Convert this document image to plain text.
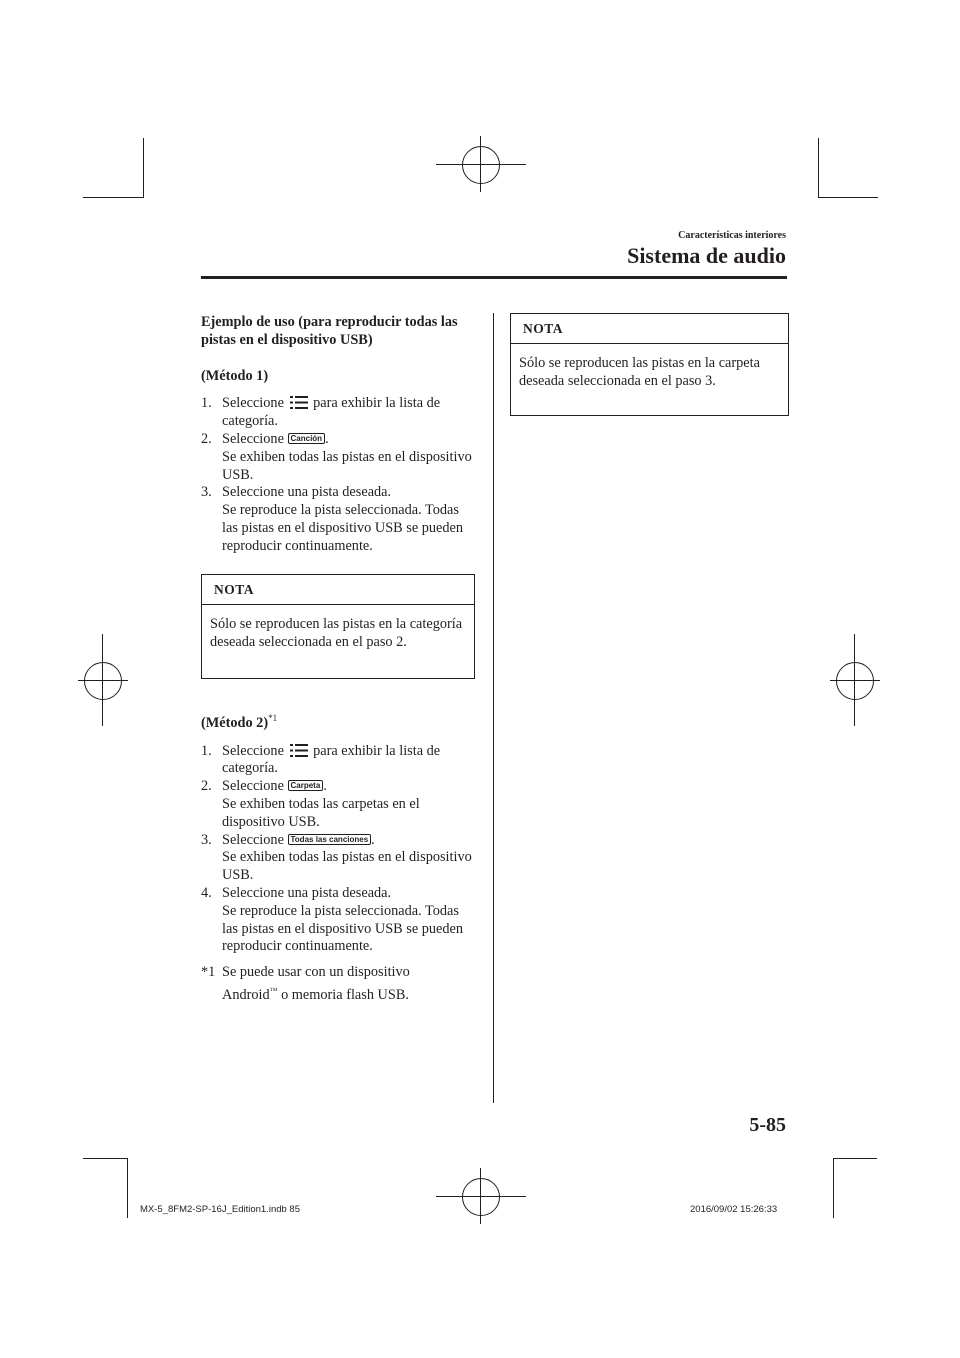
Características interiores
Sistema de audio
Ejemplo de uso (para reproducir todas las pistas en el dispositivo USB)
(Método 1)
1. Seleccione para exhibir la lista de categoría.
2. Seleccione Canción .
Se exhiben todas las pistas en el dispositivo USB.
3. Seleccione una pista deseada.
Se reproduce la pista seleccionada. Todas las pistas en el dispositivo USB se pueden reproducir continuamente.
NOTA
Sólo se reproducen las pistas en la categoría deseada seleccionada en el paso 2.
(Método 2)$^{*1}$
1. Seleccione para exhibir la lista de categoría.
2. Seleccione Carpeta .
Se exhiben todas las carpetas en el dispositivo USB.
3. Seleccione Todas las canciones .
Se exhiben todas las pistas en el dispositivo USB.
4. Seleccione una pista deseada.
Se reproduce la pista seleccionada. Todas las pistas en el dispositivo USB se pueden reproducir continuamente.
*1 Se puede usar con un dispositivo
Android™ o memoria flash USB.
NOTA
Sólo se reproducen las pistas en la carpeta deseada seleccionada en el paso 3.
5-85
MX-5_8FM2-SP-16J_Edition1.indb 85	2016/09/02 15:26:33
